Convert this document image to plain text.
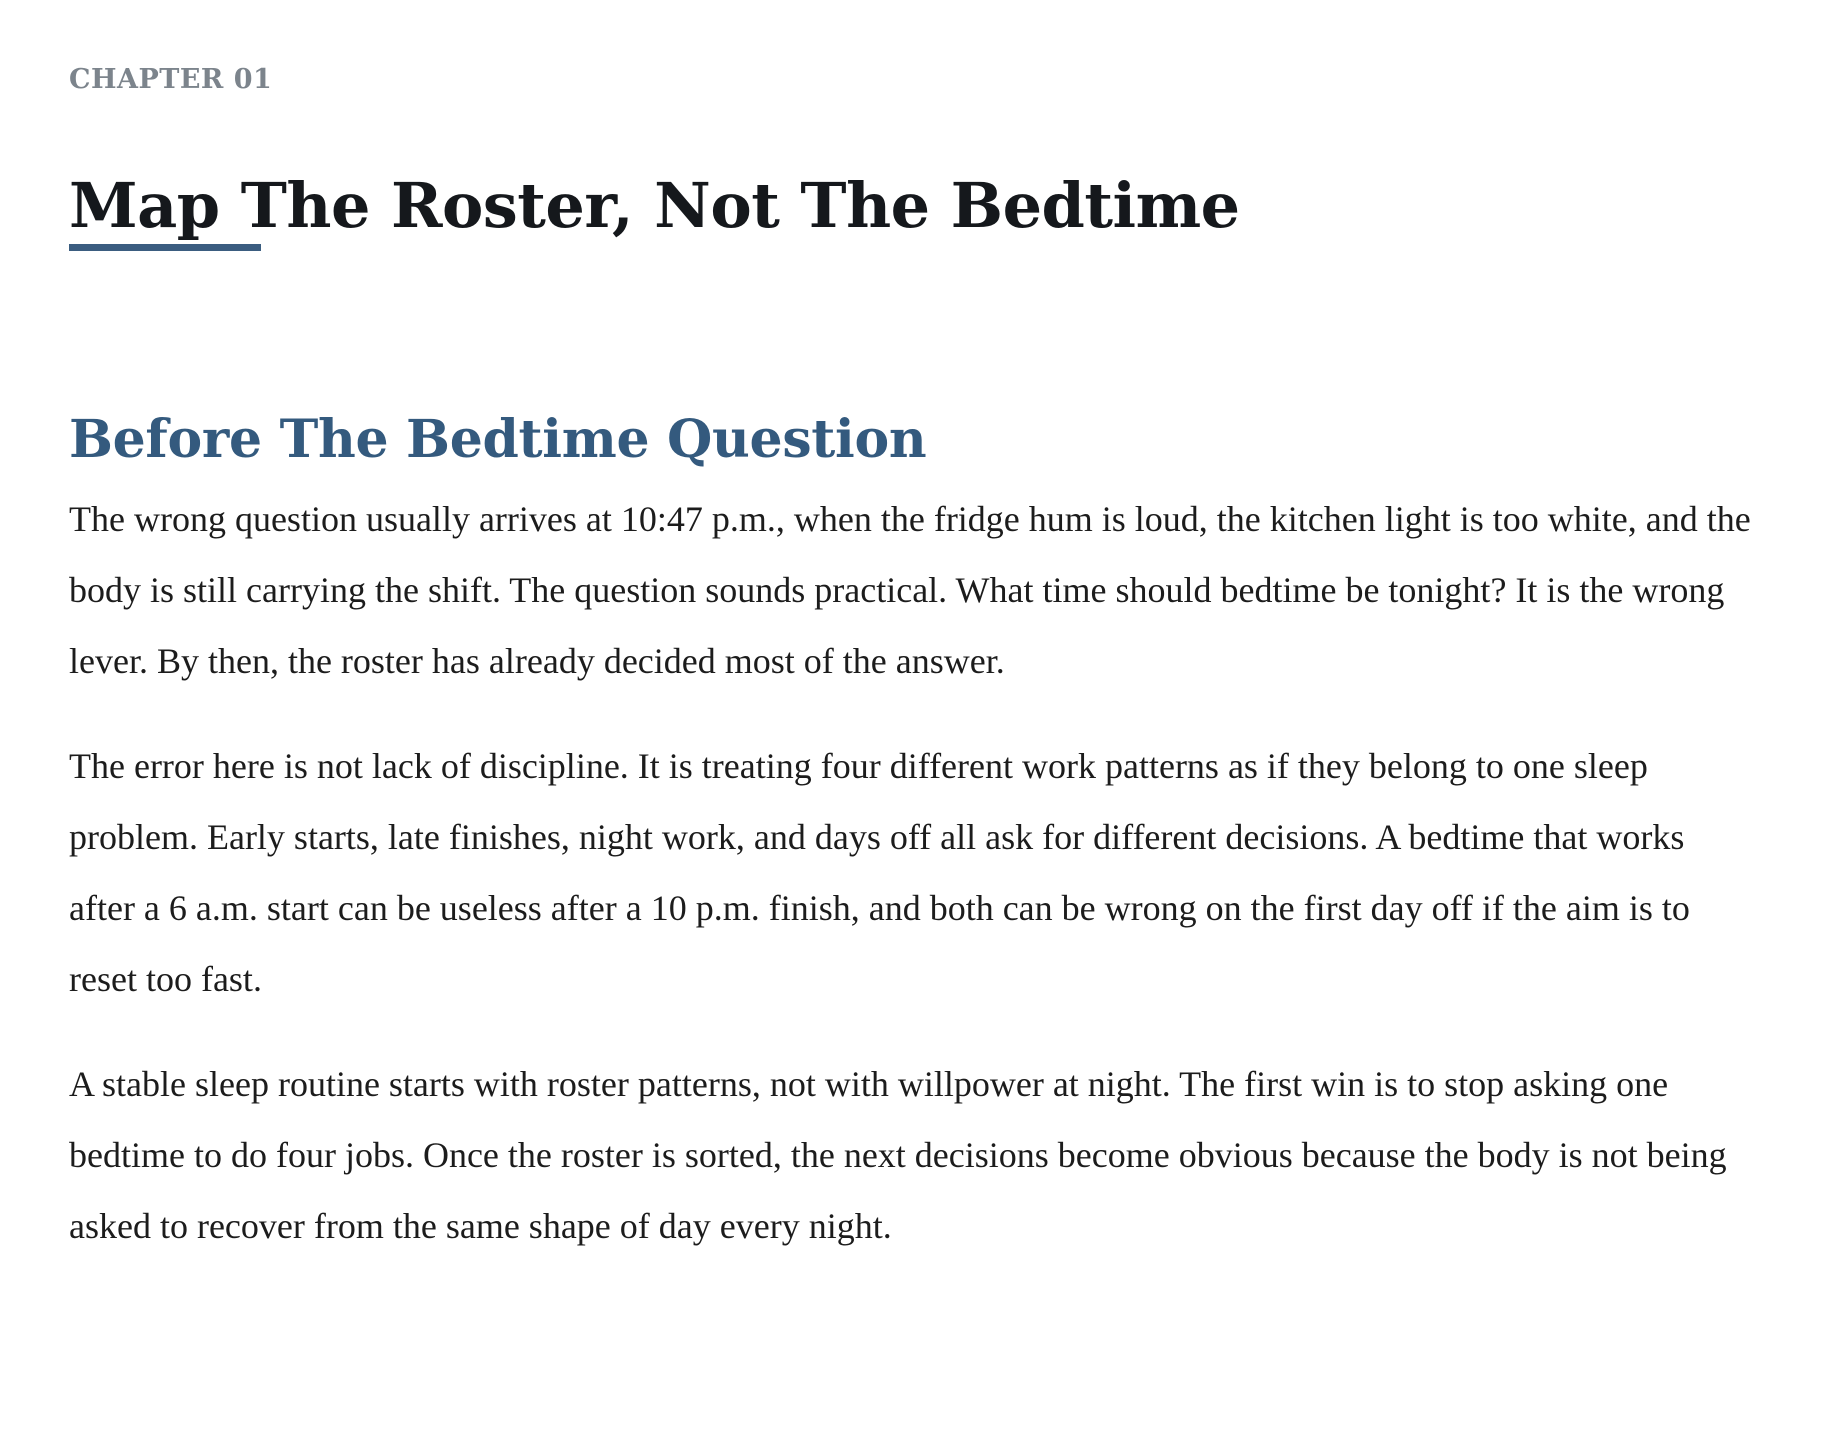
CHAPTER 01

Map The Roster, Not The Bedtime
Before The Bedtime Question

The wrong question usually arrives at 10:47 p.m., when the fridge hum is loud, the kitchen light is too white, and the body is still carrying the shift. The question sounds practical. What time should bedtime be tonight? It is the wrong lever. By then, the roster has already decided most of the answer.

The error here is not lack of discipline. It is treating four different work patterns as if they belong to one sleep problem. Early starts, late finishes, night work, and days off all ask for different decisions. A bedtime that works after a 6 a.m. start can be useless after a 10 p.m. finish, and both can be wrong on the first day off if the aim is to reset too fast.

A stable sleep routine starts with roster patterns, not with willpower at night. The first win is to stop asking one bedtime to do four jobs. Once the roster is sorted, the next decisions become obvious because the body is not being asked to recover from the same shape of day every night.
